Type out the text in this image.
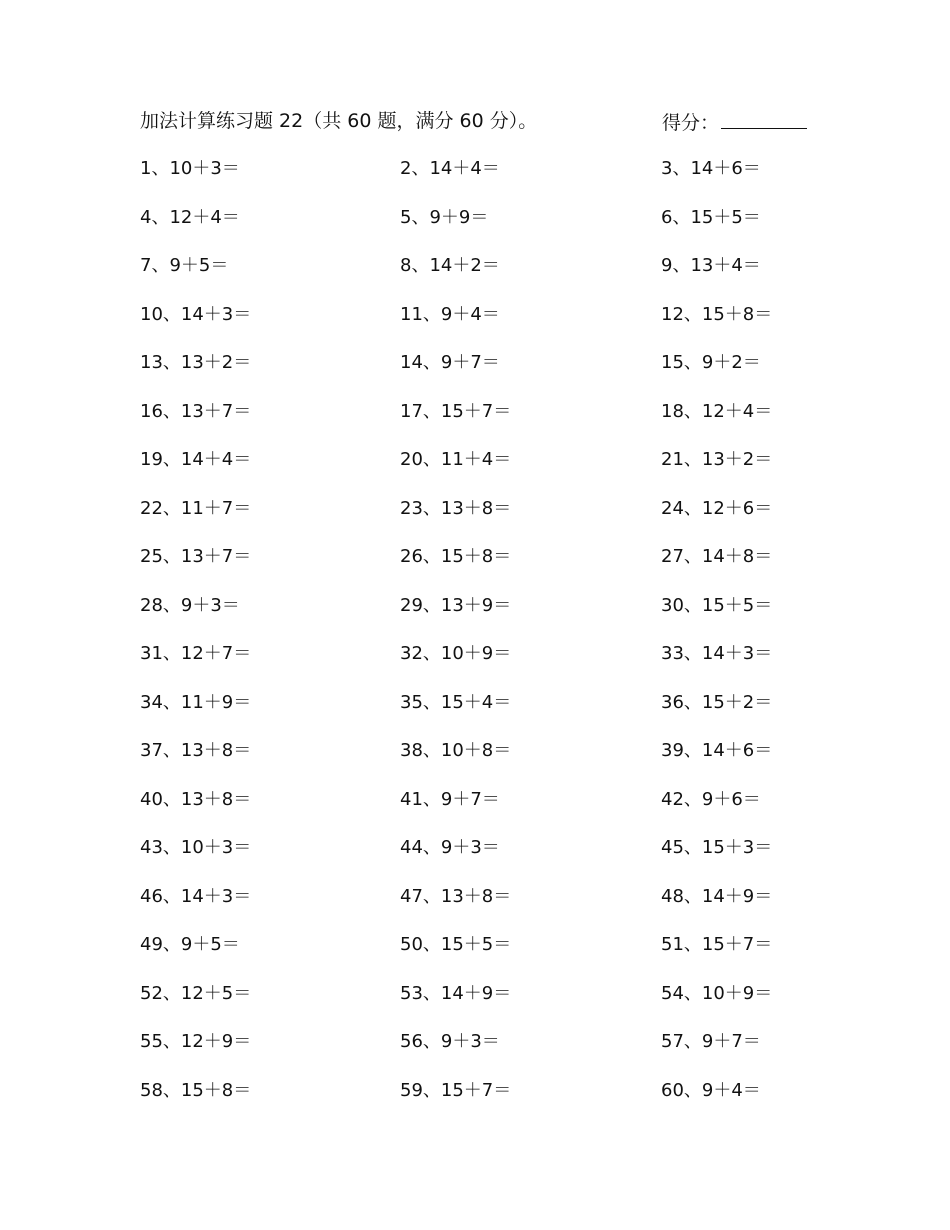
加法计算练习题 22（共 60 题，满分 60 分）。	得分：
1、10＋3＝	2、14＋4＝	3、14＋6＝
4、12＋4＝	5、9＋9＝	6、15＋5＝
7、9＋5＝	8、14＋2＝	9、13＋4＝
10、14＋3＝	11、9＋4＝	12、15＋8＝
13、13＋2＝	14、9＋7＝	15、9＋2＝
16、13＋7＝	17、15＋7＝	18、12＋4＝
19、14＋4＝	20、11＋4＝	21、13＋2＝
22、11＋7＝	23、13＋8＝	24、12＋6＝
25、13＋7＝	26、15＋8＝	27、14＋8＝
28、9＋3＝	29、13＋9＝	30、15＋5＝
31、12＋7＝	32、10＋9＝	33、14＋3＝
34、11＋9＝	35、15＋4＝	36、15＋2＝
37、13＋8＝	38、10＋8＝	39、14＋6＝
40、13＋8＝	41、9＋7＝	42、9＋6＝
43、10＋3＝	44、9＋3＝	45、15＋3＝
46、14＋3＝	47、13＋8＝	48、14＋9＝
49、9＋5＝	50、15＋5＝	51、15＋7＝
52、12＋5＝	53、14＋9＝	54、10＋9＝
55、12＋9＝	56、9＋3＝	57、9＋7＝
58、15＋8＝	59、15＋7＝	60、9＋4＝
